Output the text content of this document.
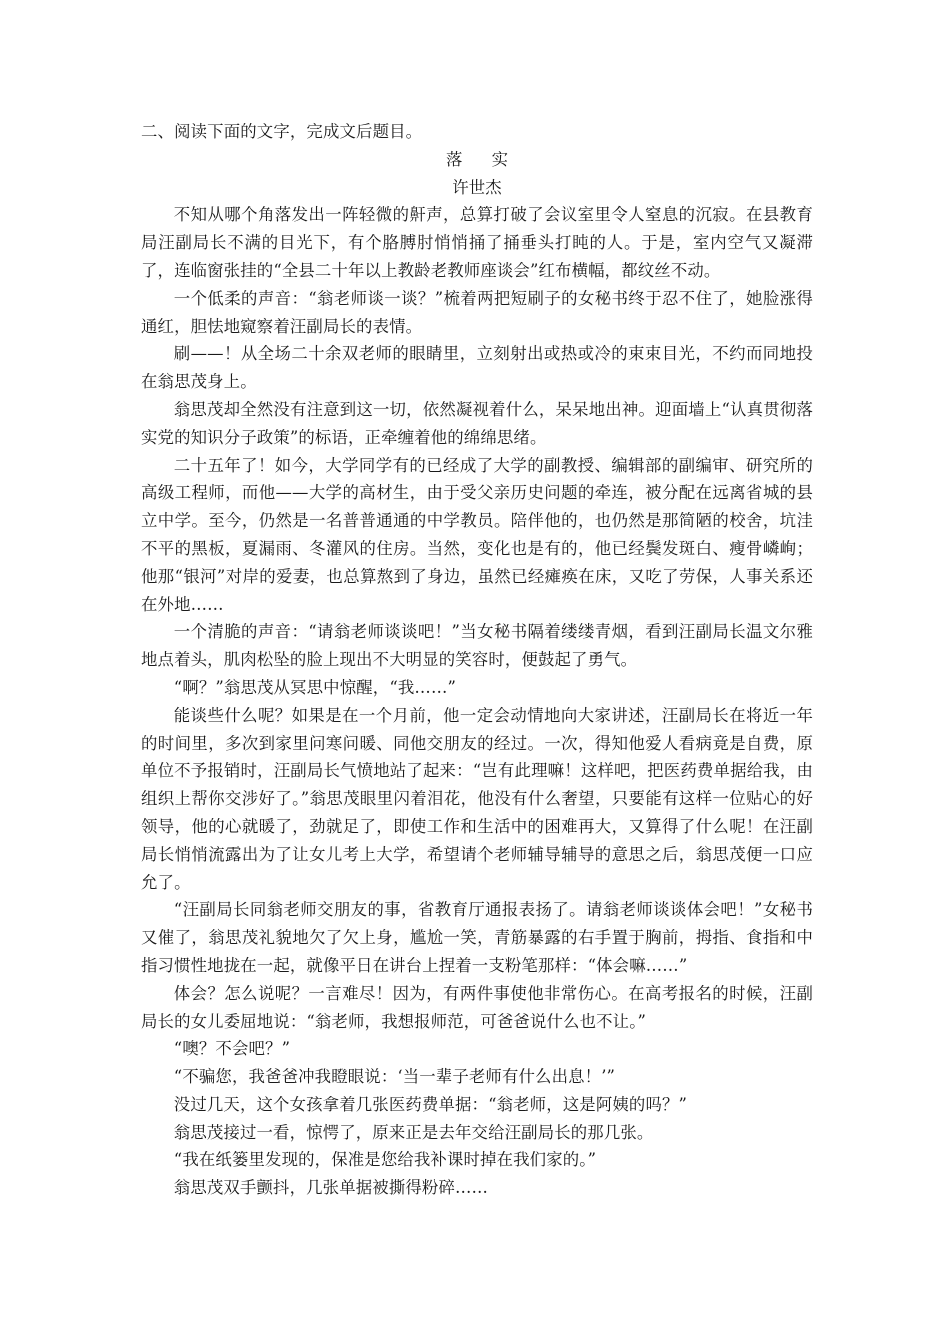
二、阅读下面的文字，完成文后题目。

落 实

许世杰

不知从哪个角落发出一阵轻微的鼾声，总算打破了会议室里令人窒息的沉寂。在县教育局汪副局长不满的目光下，有个胳膊肘悄悄捅了捅垂头打盹的人。于是，室内空气又凝滞了，连临窗张挂的“全县二十年以上教龄老教师座谈会”红布横幅，都纹丝不动。

一个低柔的声音：“翁老师谈一谈？”梳着两把短刷子的女秘书终于忍不住了，她脸涨得通红，胆怯地窥察着汪副局长的表情。

刷——！从全场二十余双老师的眼睛里，立刻射出或热或冷的束束目光，不约而同地投在翁思茂身上。

翁思茂却全然没有注意到这一切，依然凝视着什么，呆呆地出神。迎面墙上“认真贯彻落实党的知识分子政策”的标语，正牵缠着他的绵绵思绪。

二十五年了！如今，大学同学有的已经成了大学的副教授、编辑部的副编审、研究所的高级工程师，而他——大学的高材生，由于受父亲历史问题的牵连，被分配在远离省城的县立中学。至今，仍然是一名普普通通的中学教员。陪伴他的，也仍然是那简陋的校舍，坑洼不平的黑板，夏漏雨、冬灌风的住房。当然，变化也是有的，他已经鬓发斑白、瘦骨嶙峋；他那“银河”对岸的爱妻，也总算熬到了身边，虽然已经瘫痪在床，又吃了劳保，人事关系还在外地……

一个清脆的声音：“请翁老师谈谈吧！”当女秘书隔着缕缕青烟，看到汪副局长温文尔雅地点着头，肌肉松坠的脸上现出不大明显的笑容时，便鼓起了勇气。

“啊？”翁思茂从冥思中惊醒，“我……”

能谈些什么呢？如果是在一个月前，他一定会动情地向大家讲述，汪副局长在将近一年的时间里，多次到家里问寒问暖、同他交朋友的经过。一次，得知他爱人看病竟是自费，原单位不予报销时，汪副局长气愤地站了起来：“岂有此理嘛！这样吧，把医药费单据给我，由组织上帮你交涉好了。”翁思茂眼里闪着泪花，他没有什么奢望，只要能有这样一位贴心的好领导，他的心就暖了，劲就足了，即使工作和生活中的困难再大，又算得了什么呢！在汪副局长悄悄流露出为了让女儿考上大学，希望请个老师辅导辅导的意思之后，翁思茂便一口应允了。

“汪副局长同翁老师交朋友的事，省教育厅通报表扬了。请翁老师谈谈体会吧！”女秘书又催了，翁思茂礼貌地欠了欠上身，尴尬一笑，青筋暴露的右手置于胸前，拇指、食指和中指习惯性地拢在一起，就像平日在讲台上捏着一支粉笔那样：“体会嘛……”

体会？怎么说呢？一言难尽！因为，有两件事使他非常伤心。在高考报名的时候，汪副局长的女儿委屈地说：“翁老师，我想报师范，可爸爸说什么也不让。”

“噢？不会吧？”

“不骗您，我爸爸冲我瞪眼说：‘当一辈子老师有什么出息！’”

没过几天，这个女孩拿着几张医药费单据：“翁老师，这是阿姨的吗？”

翁思茂接过一看，惊愕了，原来正是去年交给汪副局长的那几张。

“我在纸篓里发现的，保准是您给我补课时掉在我们家的。”

翁思茂双手颤抖，几张单据被撕得粉碎……
